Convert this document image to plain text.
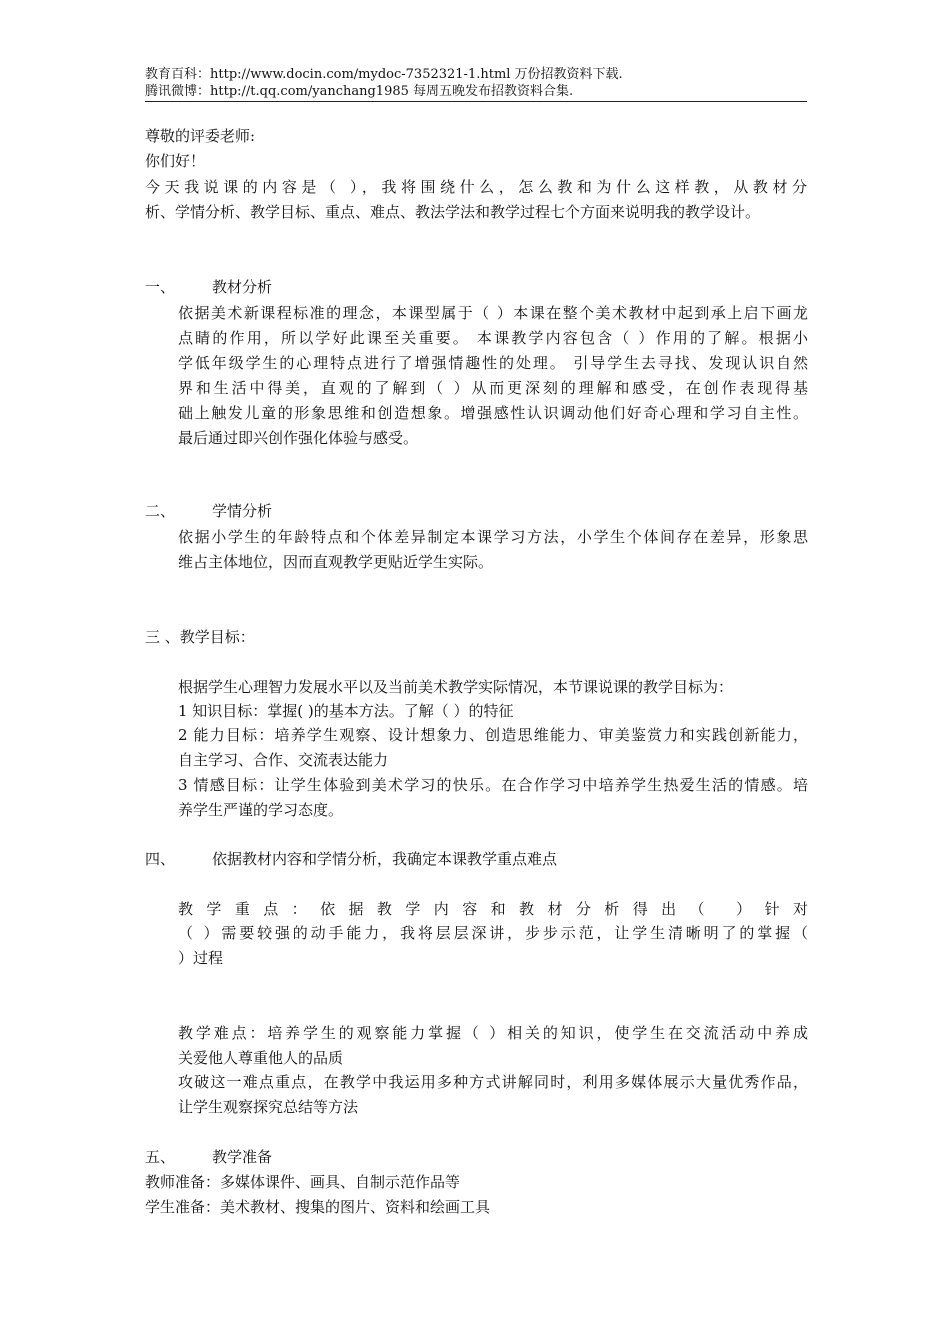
教育百科：http://www.docin.com/mydoc-7352321-1.html 万份招教资料下载.
腾讯微博：http://t.qq.com/yanchang1985 每周五晚发布招教资料合集.
尊敬的评委老师:
你们好！
今天我说课的内容是（ ），我将围绕什么，怎么教和为什么这样教，从教材分
析、学情分析、教学目标、重点、难点、教法学法和教学过程七个方面来说明我的教学设计。
一、 教材分析
依据美术新课程标准的理念，本课型属于（ ）本课在整个美术教材中起到承上启下画龙
点睛的作用，所以学好此课至关重要。 本课教学内容包含（ ）作用的了解。根据小
学低年级学生的心理特点进行了增强情趣性的处理。 引导学生去寻找、发现认识自然
界和生活中得美，直观的了解到（ ）从而更深刻的理解和感受，在创作表现得基
础上触发儿童的形象思维和创造想象。增强感性认识调动他们好奇心理和学习自主性。
最后通过即兴创作强化体验与感受。
二、 学情分析
依据小学生的年龄特点和个体差异制定本课学习方法，小学生个体间存在差异，形象思
维占主体地位，因而直观教学更贴近学生实际。
三 、教学目标：
根据学生心理智力发展水平以及当前美术教学实际情况，本节课说课的教学目标为：
1 知识目标：掌握( )的基本方法。了解（ ）的特征
2 能力目标：培养学生观察、设计想象力、创造思维能力、审美鉴赏力和实践创新能力，
自主学习、合作、交流表达能力
3 情感目标：让学生体验到美术学习的快乐。在合作学习中培养学生热爱生活的情感。培
养学生严谨的学习态度。
四、 依据教材内容和学情分析，我确定本课教学重点难点
教学重点：依据教学内容和教材分析得出（ ）针对
（ ）需要较强的动手能力，我将层层深讲，步步示范，让学生清晰明了的掌握（
）过程
教学难点：培养学生的观察能力掌握（ ）相关的知识，使学生在交流活动中养成
关爱他人尊重他人的品质
攻破这一难点重点，在教学中我运用多种方式讲解同时，利用多媒体展示大量优秀作品，
让学生观察探究总结等方法
五、 教学准备
教师准备：多媒体课件、画具、自制示范作品等
学生准备：美术教材、搜集的图片、资料和绘画工具
